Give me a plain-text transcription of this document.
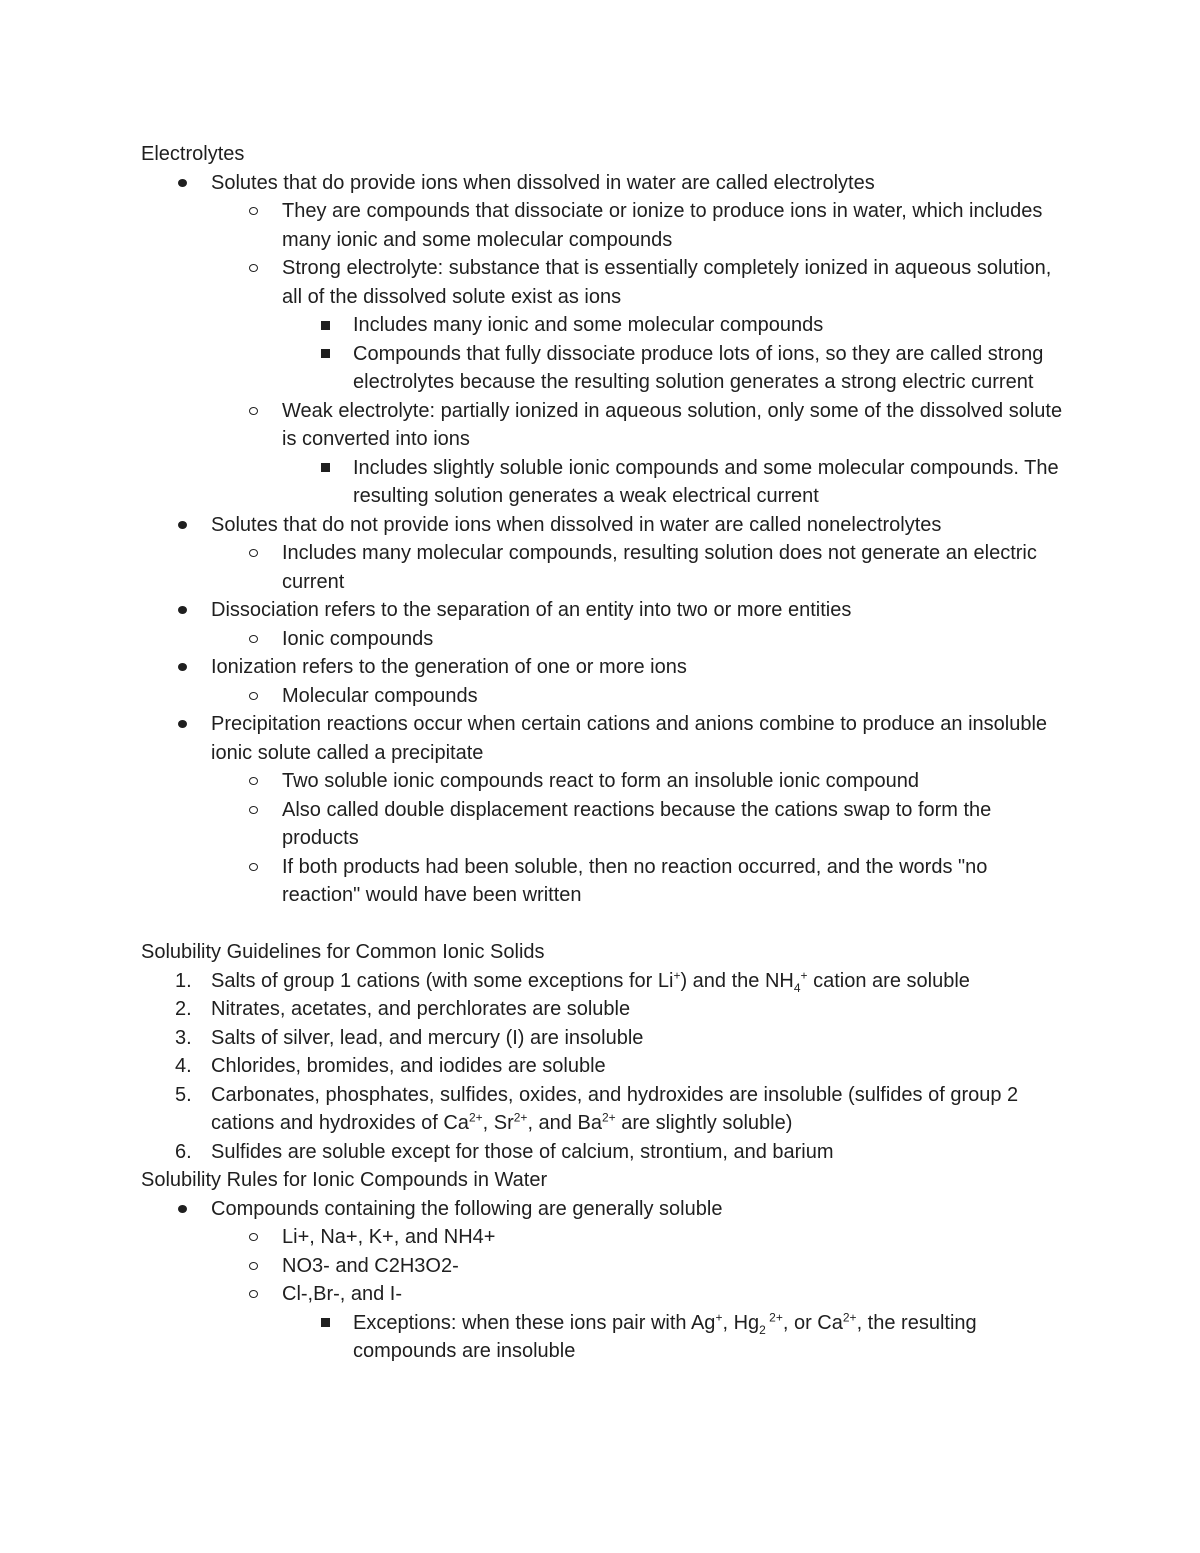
Electrolytes
Solutes that do provide ions when dissolved in water are called electrolytes
They are compounds that dissociate or ionize to produce ions in water, which includes many ionic and some molecular compounds
Strong electrolyte: substance that is essentially completely ionized in aqueous solution, all of the dissolved solute exist as ions
Includes many ionic and some molecular compounds
Compounds that fully dissociate produce lots of ions, so they are called strong electrolytes because the resulting solution generates a strong electric current
Weak electrolyte: partially ionized in aqueous solution, only some of the dissolved solute is converted into ions
Includes slightly soluble ionic compounds and some molecular compounds. The resulting solution generates a weak electrical current
Solutes that do not provide ions when dissolved in water are called nonelectrolytes
Includes many molecular compounds, resulting solution does not generate an electric current
Dissociation refers to the separation of an entity into two or more entities
Ionic compounds
Ionization refers to the generation of one or more ions
Molecular compounds
Precipitation reactions occur when certain cations and anions combine to produce an insoluble ionic solute called a precipitate
Two soluble ionic compounds react to form an insoluble ionic compound
Also called double displacement reactions because the cations swap to form the products
If both products had been soluble, then no reaction occurred, and the words "no reaction" would have been written
Solubility Guidelines for Common Ionic Solids
1. Salts of group 1 cations (with some exceptions for Li+) and the $NH_4^+$ cation are soluble
2. Nitrates, acetates, and perchlorates are soluble
3. Salts of silver, lead, and mercury (I) are insoluble
4. Chlorides, bromides, and iodides are soluble
5. Carbonates, phosphates, sulfides, oxides, and hydroxides are insoluble (sulfides of group 2 cations and hydroxides of $Ca^{2+}$, $Sr^{2+}$, and $Ba^{2+}$ are slightly soluble)
6. Sulfides are soluble except for those of calcium, strontium, and barium
Solubility Rules for Ionic Compounds in Water
Compounds containing the following are generally soluble
Li+, Na+, K+, and NH4+
NO3- and C2H3O2-
Cl-,Br-, and I-
Exceptions: when these ions pair with Ag+, $Hg_2$ $^{2+}$, or $Ca^{2+}$, the resulting compounds are insoluble
